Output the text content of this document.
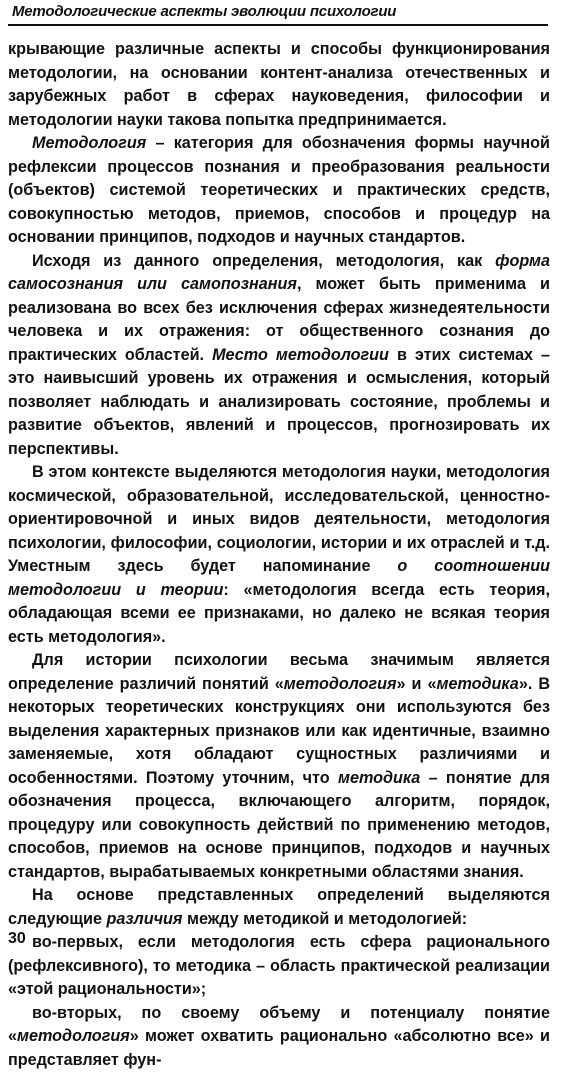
Методологические аспекты эволюции психологии

крывающие различные аспекты и способы функционирования методологии, на основании контент-анализа отечественных и зарубежных работ в сферах науковедения, философии и методологии науки такова попытка предпринимается.

Методология – категория для обозначения формы научной рефлексии процессов познания и преобразования реальности (объектов) системой теоретических и практических средств, совокупностью методов, приемов, способов и процедур на основании принципов, подходов и научных стандартов.

Исходя из данного определения, методология, как форма самосознания или самопознания, может быть применима и реализована во всех без исключения сферах жизнедеятельности человека и их отражения: от общественного сознания до практических областей. Место методологии в этих системах – это наивысший уровень их отражения и осмысления, который позволяет наблюдать и анализировать состояние, проблемы и развитие объектов, явлений и процессов, прогнозировать их перспективы.

В этом контексте выделяются методология науки, методология космической, образовательной, исследовательской, ценностно-ориентировочной и иных видов деятельности, методология психологии, философии, социологии, истории и их отраслей и т.д. Уместным здесь будет напоминание о соотношении методологии и теории: «методология всегда есть теория, обладающая всеми ее признаками, но далеко не всякая теория есть методология».

Для истории психологии весьма значимым является определение различий понятий «методология» и «методика». В некоторых теоретических конструкциях они используются без выделения характерных признаков или как идентичные, взаимно заменяемые, хотя обладают сущностных различиями и особенностями. Поэтому уточним, что методика – понятие для обозначения процесса, включающего алгоритм, порядок, процедуру или совокупность действий по применению методов, способов, приемов на основе принципов, подходов и научных стандартов, вырабатываемых конкретными областями знания.

На основе представленных определений выделяются следующие различия между методикой и методологией:

во-первых, если методология есть сфера рационального (рефлексивного), то методика – область практической реализации «этой рациональности»;

во-вторых, по своему объему и потенциалу понятие «методология» может охватить рационально «абсолютно все» и представляет фун-

30
